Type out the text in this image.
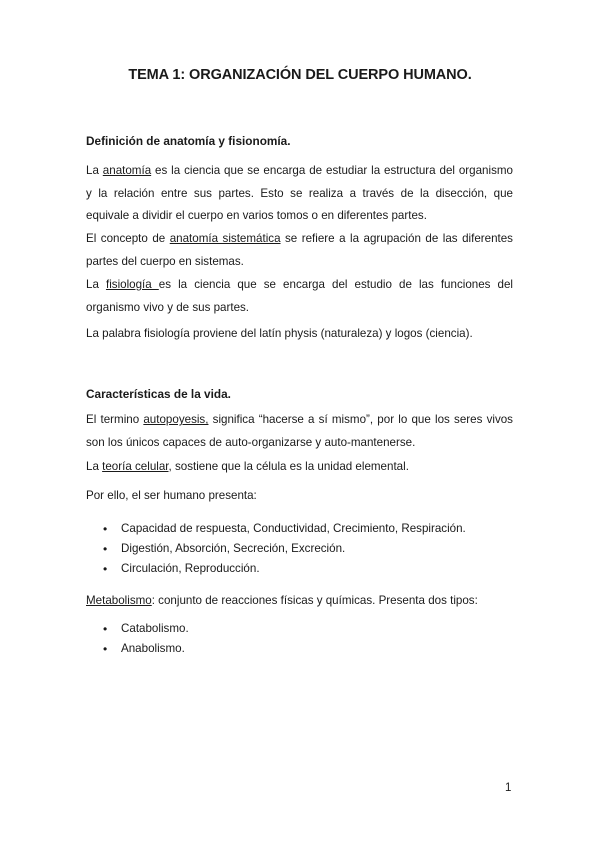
TEMA 1: ORGANIZACIÓN DEL CUERPO HUMANO.
Definición de anatomía y fisionomía.

La anatomía es la ciencia que se encarga de estudiar la estructura del organismo y la relación entre sus partes. Esto se realiza a través de la disección, que equivale a dividir el cuerpo en varios tomos o en diferentes partes.

El concepto de anatomía sistemática se refiere a la agrupación de las diferentes partes del cuerpo en sistemas.

La fisiología es la ciencia que se encarga del estudio de las funciones del organismo vivo y de sus partes.

La palabra fisiología proviene del latín physis (naturaleza) y logos (ciencia).

Características de la vida.

El termino autopoyesis, significa “hacerse a sí mismo”, por lo que los seres vivos son los únicos capaces de auto-organizarse y auto-mantenerse.

La teoría celular, sostiene que la célula es la unidad elemental.

Por ello, el ser humano presenta:

• Capacidad de respuesta, Conductividad, Crecimiento, Respiración.
• Digestión, Absorción, Secreción, Excreción.
• Circulación, Reproducción.

Metabolismo: conjunto de reacciones físicas y químicas. Presenta dos tipos:

• Catabolismo.
• Anabolismo.
1
